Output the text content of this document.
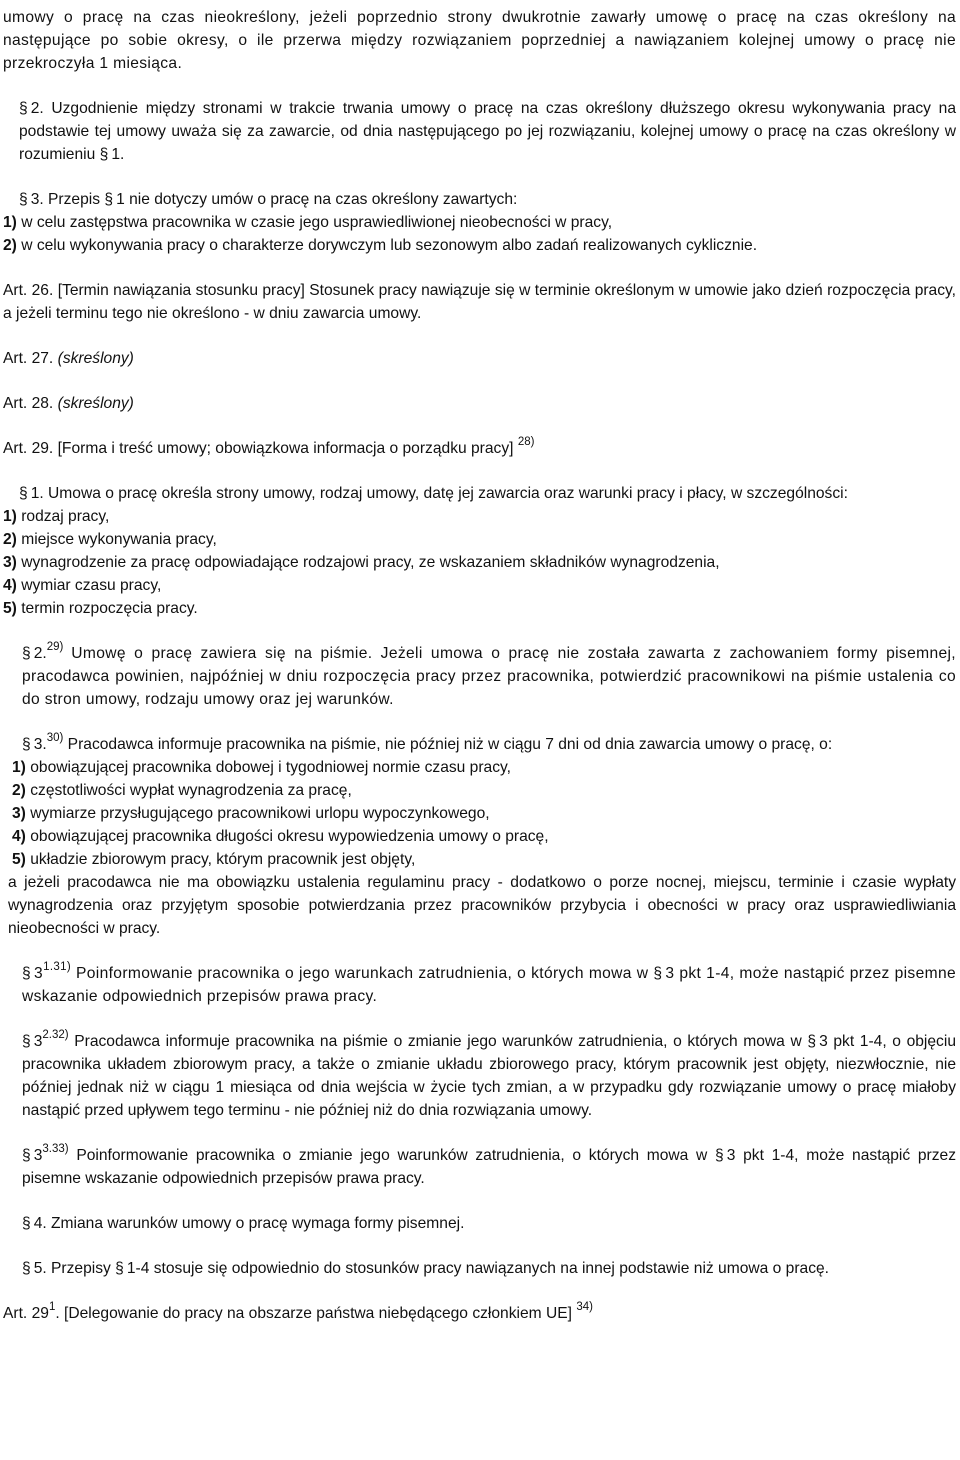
umowy o pracę na czas nieokreślony, jeżeli poprzednio strony dwukrotnie zawarły umowę o pracę na czas określony na następujące po sobie okresy, o ile przerwa między rozwiązaniem poprzedniej a nawiązaniem kolejnej umowy o pracę nie przekroczyła 1 miesiąca.

§ 2. Uzgodnienie między stronami w trakcie trwania umowy o pracę na czas określony dłuższego okresu wykonywania pracy na podstawie tej umowy uważa się za zawarcie, od dnia następującego po jej rozwiązaniu, kolejnej umowy o pracę na czas określony w rozumieniu § 1.

§ 3. Przepis § 1 nie dotyczy umów o pracę na czas określony zawartych:

1) w celu zastępstwa pracownika w czasie jego usprawiedliwionej nieobecności w pracy,

2) w celu wykonywania pracy o charakterze dorywczym lub sezonowym albo zadań realizowanych cyklicznie.

Art. 26. [Termin nawiązania stosunku pracy] Stosunek pracy nawiązuje się w terminie określonym w umowie jako dzień rozpoczęcia pracy, a jeżeli terminu tego nie określono - w dniu zawarcia umowy.

Art. 27. (skreślony)

Art. 28. (skreślony)

Art. 29. [Forma i treść umowy; obowiązkowa informacja o porządku pracy] $^{28)}$

§ 1. Umowa o pracę określa strony umowy, rodzaj umowy, datę jej zawarcia oraz warunki pracy i płacy, w szczególności:

1) rodzaj pracy,

2) miejsce wykonywania pracy,

3) wynagrodzenie za pracę odpowiadające rodzajowi pracy, ze wskazaniem składników wynagrodzenia,

4) wymiar czasu pracy,

5) termin rozpoczęcia pracy.

§ 2.$^{29)}$ Umowę o pracę zawiera się na piśmie. Jeżeli umowa o pracę nie została zawarta z zachowaniem formy pisemnej, pracodawca powinien, najpóźniej w dniu rozpoczęcia pracy przez pracownika, potwierdzić pracownikowi na piśmie ustalenia co do stron umowy, rodzaju umowy oraz jej warunków.

§ 3.$^{30)}$ Pracodawca informuje pracownika na piśmie, nie później niż w ciągu 7 dni od dnia zawarcia umowy o pracę, o:

1) obowiązującej pracownika dobowej i tygodniowej normie czasu pracy,

2) częstotliwości wypłat wynagrodzenia za pracę,

3) wymiarze przysługującego pracownikowi urlopu wypoczynkowego,

4) obowiązującej pracownika długości okresu wypowiedzenia umowy o pracę,

5) układzie zbiorowym pracy, którym pracownik jest objęty,

a jeżeli pracodawca nie ma obowiązku ustalenia regulaminu pracy - dodatkowo o porze nocnej, miejscu, terminie i czasie wypłaty wynagrodzenia oraz przyjętym sposobie potwierdzania przez pracowników przybycia i obecności w pracy oraz usprawiedliwiania nieobecności w pracy.

§ $3^{1.31)}$ Poinformowanie pracownika o jego warunkach zatrudnienia, o których mowa w § 3 pkt 1-4, może nastąpić przez pisemne wskazanie odpowiednich przepisów prawa pracy.

§ $3^{2.32)}$ Pracodawca informuje pracownika na piśmie o zmianie jego warunków zatrudnienia, o których mowa w § 3 pkt 1-4, o objęciu pracownika układem zbiorowym pracy, a także o zmianie układu zbiorowego pracy, którym pracownik jest objęty, niezwłocznie, nie później jednak niż w ciągu 1 miesiąca od dnia wejścia w życie tych zmian, a w przypadku gdy rozwiązanie umowy o pracę miałoby nastąpić przed upływem tego terminu - nie później niż do dnia rozwiązania umowy.

§ $3^{3.33)}$ Poinformowanie pracownika o zmianie jego warunków zatrudnienia, o których mowa w § 3 pkt 1-4, może nastąpić przez pisemne wskazanie odpowiednich przepisów prawa pracy.

§ 4. Zmiana warunków umowy o pracę wymaga formy pisemnej.

§ 5. Przepisy § 1-4 stosuje się odpowiednio do stosunków pracy nawiązanych na innej podstawie niż umowa o pracę.

Art. $29^1$. [Delegowanie do pracy na obszarze państwa niebędącego członkiem UE] $^{34)}$
